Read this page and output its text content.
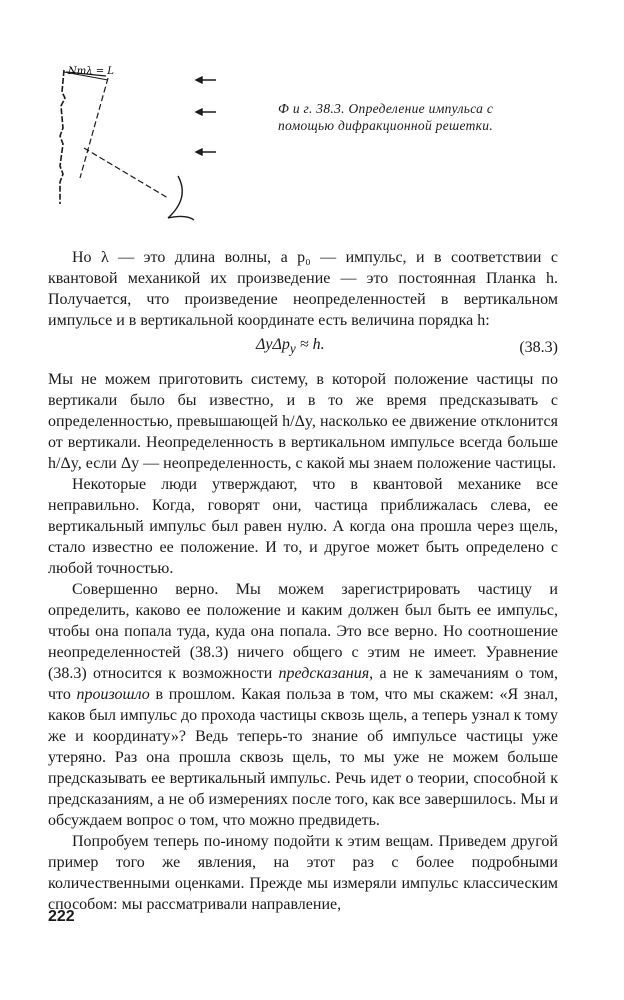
Nmλ = L
Ф и г. 38.3. Определение импульса с помощью дифракционной решетки.

Но λ — это длина волны, а p₀ — импульс, и в соответствии с квантовой механикой их произведение — это постоянная Планка h. Получается, что произведение неопределенностей в вертикальном импульсе и в вертикальной координате есть величина порядка h:

ΔyΔp$_y$ ≈ h.	(38.3)

Мы не можем приготовить систему, в которой положение частицы по вертикали было бы известно, и в то же время предсказывать с определенностью, превышающей h/Δy, насколько ее движение отклонится от вертикали. Неопределенность в вертикальном импульсе всегда больше h/Δy, если Δy — неопределенность, с какой мы знаем положение частицы.

Некоторые люди утверждают, что в квантовой механике все неправильно. Когда, говорят они, частица приближалась слева, ее вертикальный импульс был равен нулю. А когда она прошла через щель, стало известно ее положение. И то, и другое может быть определено с любой точностью.

Совершенно верно. Мы можем зарегистрировать частицу и определить, каково ее положение и каким должен был быть ее импульс, чтобы она попала туда, куда она попала. Это все верно. Но соотношение неопределенностей (38.3) ничего общего с этим не имеет. Уравнение (38.3) относится к возможности предсказания, а не к замечаниям о том, что произошло в прошлом. Какая польза в том, что мы скажем: «Я знал, каков был импульс до прохода частицы сквозь щель, а теперь узнал к тому же и координату»? Ведь теперь-то знание об импульсе частицы уже утеряно. Раз она прошла сквозь щель, то мы уже не можем больше предсказывать ее вертикальный импульс. Речь идет о теории, способной к предсказаниям, а не об измерениях после того, как все завершилось. Мы и обсуждаем вопрос о том, что можно предвидеть.

Попробуем теперь по-иному подойти к этим вещам. Приведем другой пример того же явления, на этот раз с более подробными количественными оценками. Прежде мы измеряли импульс классическим способом: мы рассматривали направление,

222
